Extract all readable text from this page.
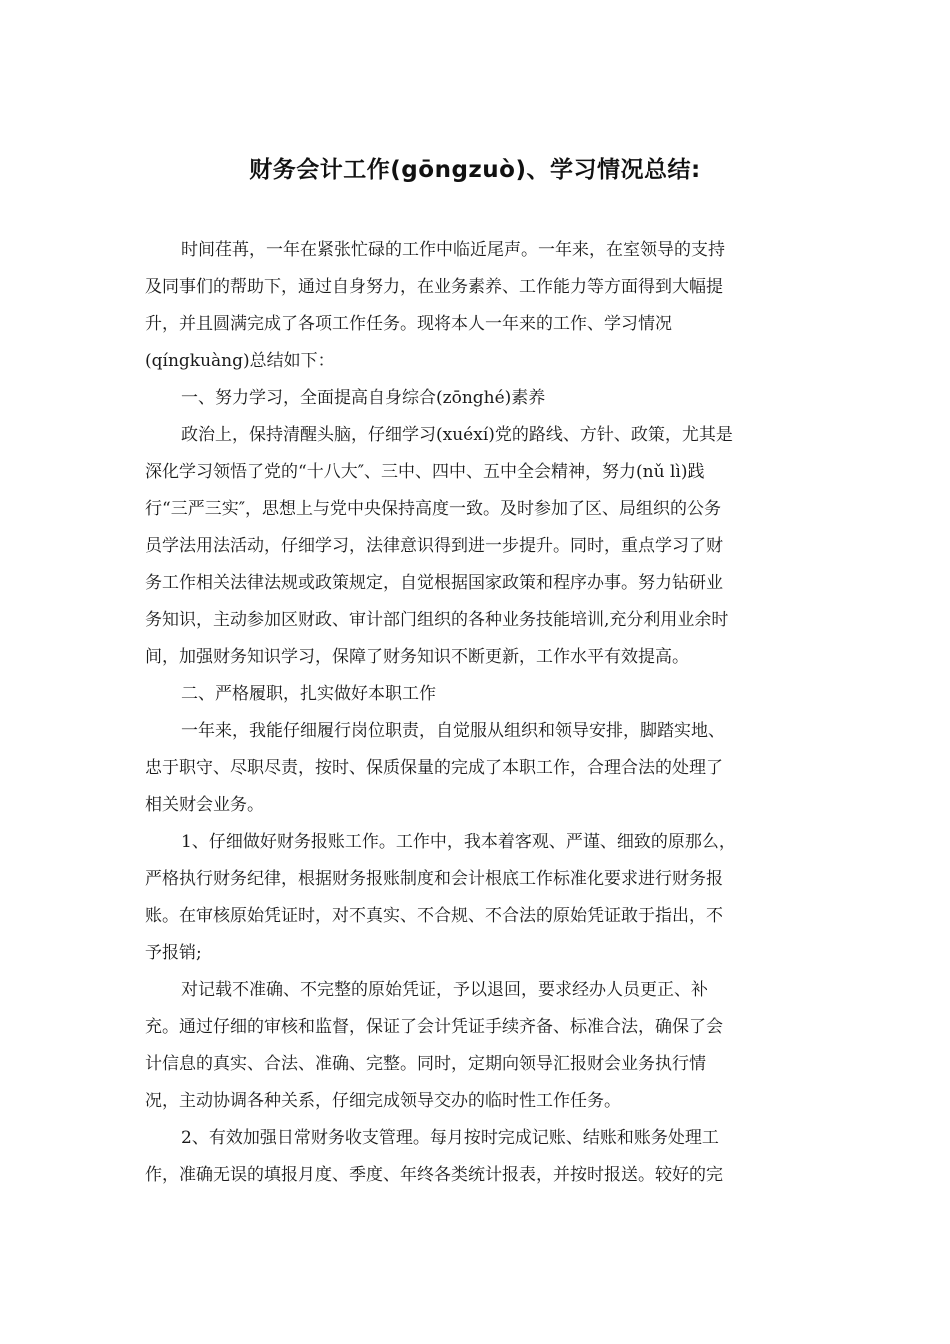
财务会计工作(gōngzuò)、学习情况总结:
时间荏苒，一年在紧张忙碌的工作中临近尾声。一年来，在室领导的支持
及同事们的帮助下，通过自身努力，在业务素养、工作能力等方面得到大幅提
升，并且圆满完成了各项工作任务。现将本人一年来的工作、学习情况
(qíngkuàng)总结如下：
一、努力学习，全面提高自身综合(zōnghé)素养
政治上，保持清醒头脑，仔细学习(xuéxí)党的路线、方针、政策，尤其是
深化学习领悟了党的“十八大″、三中、四中、五中全会精神，努力(nǔ lì)践
行“三严三实″，思想上与党中央保持高度一致。及时参加了区、局组织的公务
员学法用法活动，仔细学习，法律意识得到进一步提升。同时，重点学习了财
务工作相关法律法规或政策规定，自觉根据国家政策和程序办事。努力钻研业
务知识，主动参加区财政、审计部门组织的各种业务技能培训,充分利用业余时
间，加强财务知识学习，保障了财务知识不断更新，工作水平有效提高。
二、严格履职，扎实做好本职工作
一年来，我能仔细履行岗位职责，自觉服从组织和领导安排，脚踏实地、
忠于职守、尽职尽责，按时、保质保量的完成了本职工作，合理合法的处理了
相关财会业务。
1、仔细做好财务报账工作。工作中，我本着客观、严谨、细致的原那么，
严格执行财务纪律，根据财务报账制度和会计根底工作标准化要求进行财务报
账。在审核原始凭证时，对不真实、不合规、不合法的原始凭证敢于指出，不
予报销;
对记载不准确、不完整的原始凭证，予以退回，要求经办人员更正、补
充。通过仔细的审核和监督，保证了会计凭证手续齐备、标准合法，确保了会
计信息的真实、合法、准确、完整。同时，定期向领导汇报财会业务执行情
况，主动协调各种关系，仔细完成领导交办的临时性工作任务。
2、有效加强日常财务收支管理。每月按时完成记账、结账和账务处理工
作，准确无误的填报月度、季度、年终各类统计报表，并按时报送。较好的完
